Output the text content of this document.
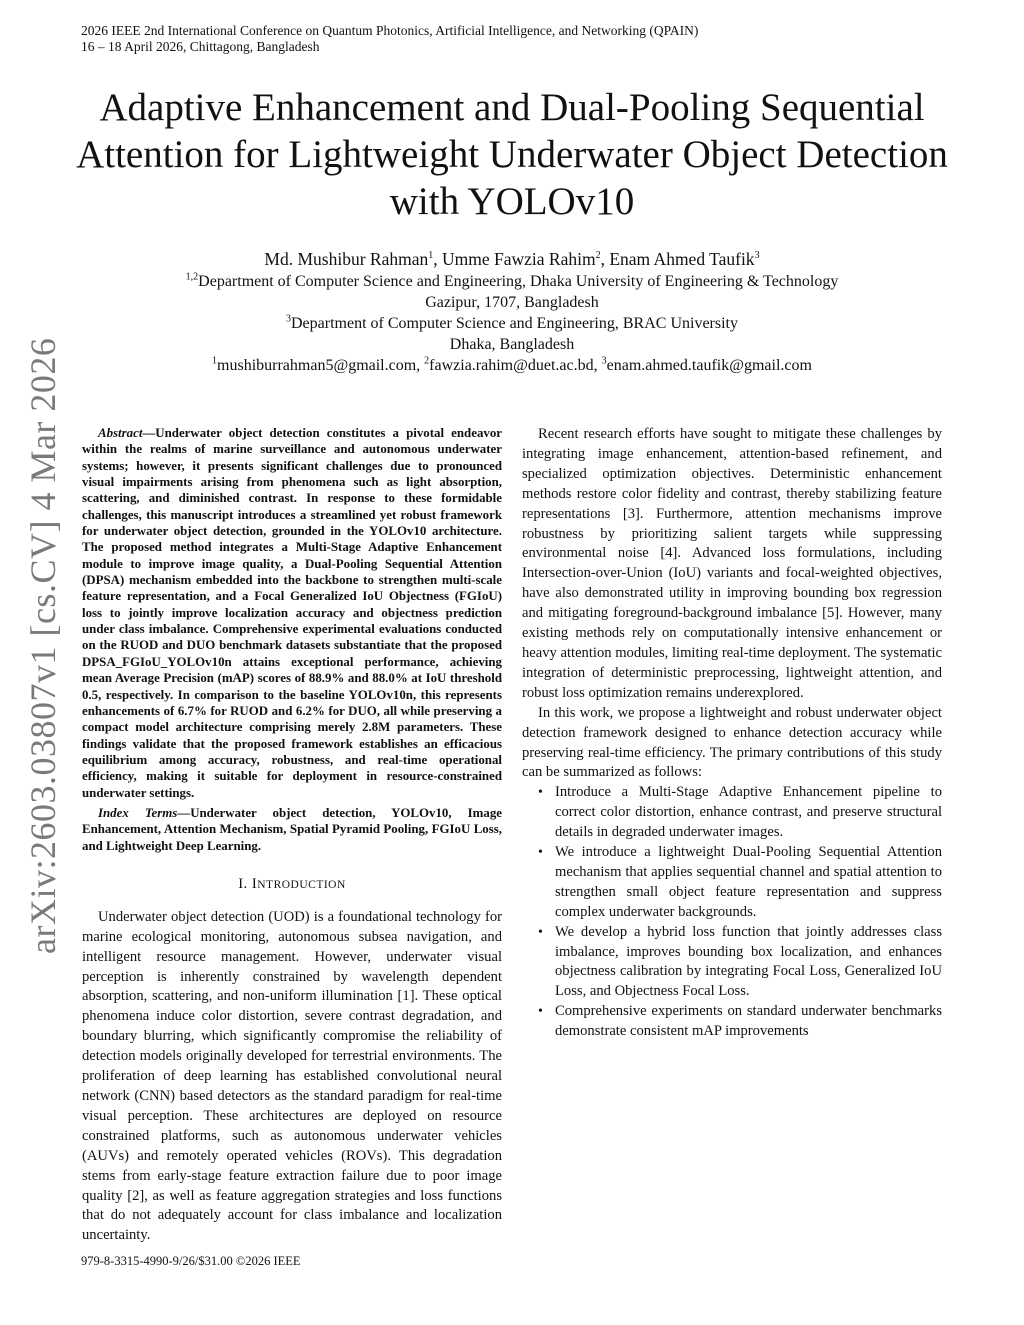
2026 IEEE 2nd International Conference on Quantum Photonics, Artificial Intelligence, and Networking (QPAIN)
16 – 18 April 2026, Chittagong, Bangladesh
arXiv:2603.03807v1 [cs.CV] 4 Mar 2026
Adaptive Enhancement and Dual-Pooling Sequential Attention for Lightweight Underwater Object Detection with YOLOv10
Md. Mushibur Rahman$^1$, Umme Fawzia Rahim$^2$, Enam Ahmed Taufik$^3$
$^{1,2}$Department of Computer Science and Engineering, Dhaka University of Engineering & Technology
Gazipur, 1707, Bangladesh
$^3$Department of Computer Science and Engineering, BRAC University
Dhaka, Bangladesh
$^1$mushiburrahman5@gmail.com, $^2$fawzia.rahim@duet.ac.bd, $^3$enam.ahmed.taufik@gmail.com

Abstract—Underwater object detection constitutes a pivotal endeavor within the realms of marine surveillance and autonomous underwater systems; however, it presents significant challenges due to pronounced visual impairments arising from phenomena such as light absorption, scattering, and diminished contrast. In response to these formidable challenges, this manuscript introduces a streamlined yet robust framework for underwater object detection, grounded in the YOLOv10 architecture. The proposed method integrates a Multi-Stage Adaptive Enhancement module to improve image quality, a Dual-Pooling Sequential Attention (DPSA) mechanism embedded into the backbone to strengthen multi-scale feature representation, and a Focal Generalized IoU Objectness (FGIoU) loss to jointly improve localization accuracy and objectness prediction under class imbalance. Comprehensive experimental evaluations conducted on the RUOD and DUO benchmark datasets substantiate that the proposed DPSA_FGIoU_YOLOv10n attains exceptional performance, achieving mean Average Precision (mAP) scores of 88.9% and 88.0% at IoU threshold 0.5, respectively. In comparison to the baseline YOLOv10n, this represents enhancements of 6.7% for RUOD and 6.2% for DUO, all while preserving a compact model architecture comprising merely 2.8M parameters. These findings validate that the proposed framework establishes an efficacious equilibrium among accuracy, robustness, and real-time operational efficiency, making it suitable for deployment in resource-constrained underwater settings.

Index Terms—Underwater object detection, YOLOv10, Image Enhancement, Attention Mechanism, Spatial Pyramid Pooling, FGIoU Loss, and Lightweight Deep Learning.

I. INTRODUCTION

Underwater object detection (UOD) is a foundational technology for marine ecological monitoring, autonomous subsea navigation, and intelligent resource management. However, underwater visual perception is inherently constrained by wavelength dependent absorption, scattering, and non-uniform illumination [1]. These optical phenomena induce color distortion, severe contrast degradation, and boundary blurring, which significantly compromise the reliability of detection models originally developed for terrestrial environments. The proliferation of deep learning has established convolutional neural network (CNN) based detectors as the standard paradigm for real-time visual perception. These architectures are deployed on resource constrained platforms, such as autonomous underwater vehicles (AUVs) and remotely operated vehicles (ROVs). This degradation stems from early-stage feature extraction failure due to poor image quality [2], as well as feature aggregation strategies and loss functions that do not adequately account for class imbalance and localization uncertainty.

Recent research efforts have sought to mitigate these challenges by integrating image enhancement, attention-based refinement, and specialized optimization objectives. Deterministic enhancement methods restore color fidelity and contrast, thereby stabilizing feature representations [3]. Furthermore, attention mechanisms improve robustness by prioritizing salient targets while suppressing environmental noise [4]. Advanced loss formulations, including Intersection-over-Union (IoU) variants and focal-weighted objectives, have also demonstrated utility in improving bounding box regression and mitigating foreground-background imbalance [5]. However, many existing methods rely on computationally intensive enhancement or heavy attention modules, limiting real-time deployment. The systematic integration of deterministic preprocessing, lightweight attention, and robust loss optimization remains underexplored.

In this work, we propose a lightweight and robust underwater object detection framework designed to enhance detection accuracy while preserving real-time efficiency. The primary contributions of this study can be summarized as follows:

• Introduce a Multi-Stage Adaptive Enhancement pipeline to correct color distortion, enhance contrast, and preserve structural details in degraded underwater images.
• We introduce a lightweight Dual-Pooling Sequential Attention mechanism that applies sequential channel and spatial attention to strengthen small object feature representation and suppress complex underwater backgrounds.
• We develop a hybrid loss function that jointly addresses class imbalance, improves bounding box localization, and enhances objectness calibration by integrating Focal Loss, Generalized IoU Loss, and Objectness Focal Loss.
• Comprehensive experiments on standard underwater benchmarks demonstrate consistent mAP improvements
979-8-3315-4990-9/26/$31.00 ©2026 IEEE
